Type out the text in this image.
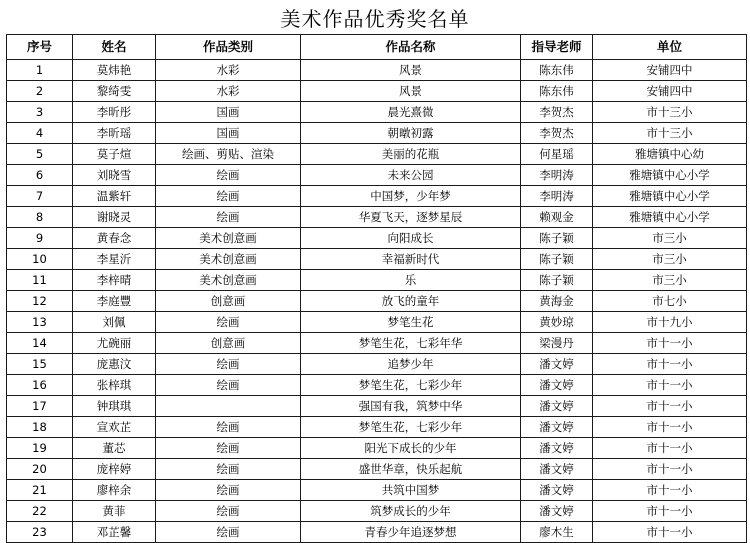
美术作品优秀奖名单
序号	姓名	作品类别	作品名称	指导老师	单位
1	莫炜艳	水彩	风景	陈东伟	安铺四中
2	黎绮雯	水彩	风景	陈东伟	安铺四中
3	李昕彤	国画	晨光熹微	李贺杰	市十三小
4	李昕瑶	国画	朝暾初露	李贺杰	市十三小
5	莫子煊	绘画、剪贴、渲染	美丽的花瓶	何星瑶	雅塘镇中心幼
6	刘晓雪	绘画	未来公园	李明涛	雅塘镇中心小学
7	温紫轩	绘画	中国梦，少年梦	李明涛	雅塘镇中心小学
8	谢晓灵	绘画	华夏飞天，逐梦星辰	赖观金	雅塘镇中心小学
9	黄春念	美术创意画	向阳成长	陈子颖	市三小
10	李星沂	美术创意画	幸福新时代	陈子颖	市三小
11	李梓晴	美术创意画	乐	陈子颖	市三小
12	李庭豐	创意画	放飞的童年	黄海金	市七小
13	刘佩	绘画	梦笔生花	黄妙琼	市十九小
14	尤碗丽	创意画	梦笔生花，七彩年华	梁漫丹	市十一小
15	庞惠汶	绘画	追梦少年	潘文婷	市十一小
16	张梓琪	绘画	梦笔生花，七彩少年	潘文婷	市十一小
17	钟琪琪		强国有我，筑梦中华	潘文婷	市十一小
18	宣欢芷	绘画	梦笔生花，七彩少年	潘文婷	市十一小
19	董芯	绘画	阳光下成长的少年	潘文婷	市十一小
20	庞梓婷	绘画	盛世华章，快乐起航	潘文婷	市十一小
21	廖梓余	绘画	共筑中国梦	潘文婷	市十一小
22	黄菲	绘画	筑梦成长的少年	潘文婷	市十一小
23	邓芷馨	绘画	青春少年追逐梦想	廖木生	市十一小
